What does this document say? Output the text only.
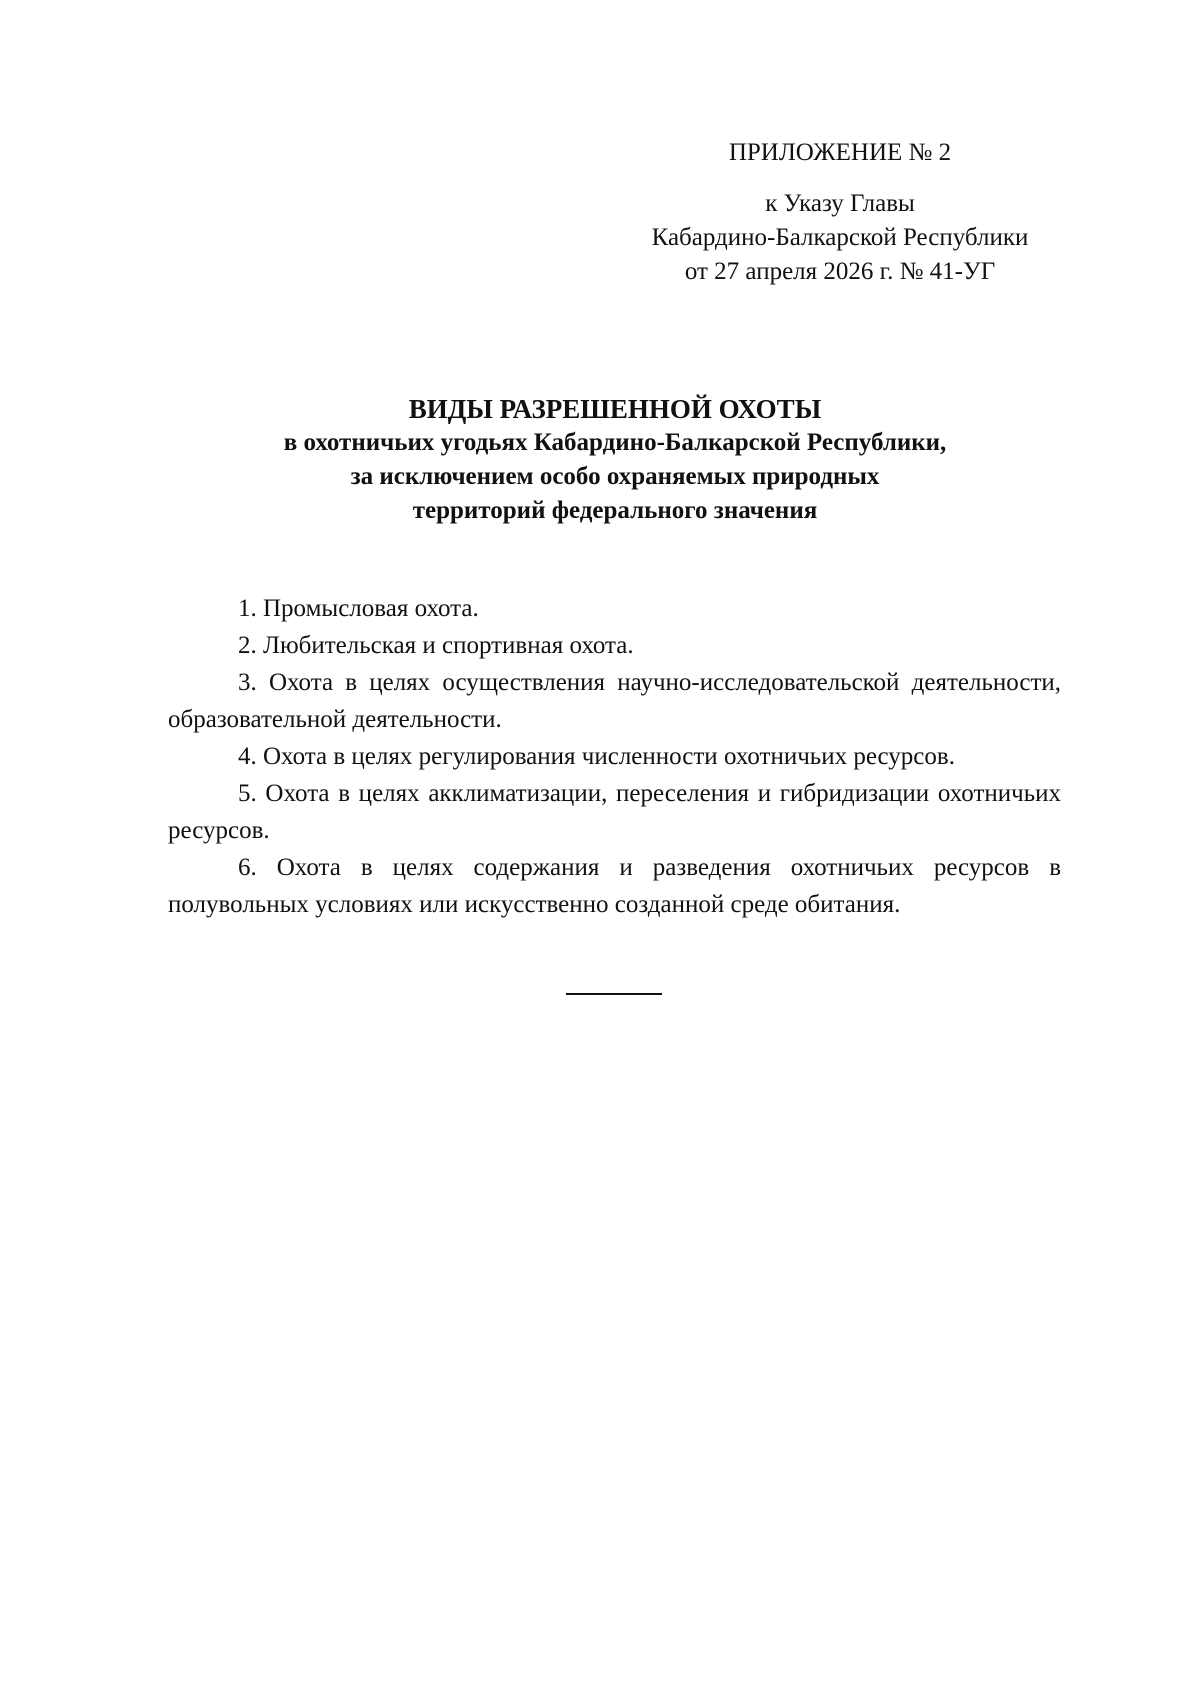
ПРИЛОЖЕНИЕ № 2
к Указу Главы
Кабардино-Балкарской Республики
от 27 апреля 2026 г. № 41-УГ
ВИДЫ РАЗРЕШЕННОЙ ОХОТЫ
в охотничьих угодьях Кабардино-Балкарской Республики,
за исключением особо охраняемых природных
территорий федерального значения

1. Промысловая охота.

2. Любительская и спортивная охота.

3. Охота в целях осуществления научно-исследовательской деятельности, образовательной деятельности.

4. Охота в целях регулирования численности охотничьих ресурсов.

5. Охота в целях акклиматизации, переселения и гибридизации охотничьих ресурсов.

6. Охота в целях содержания и разведения охотничьих ресурсов в полувольных условиях или искусственно созданной среде обитания.
